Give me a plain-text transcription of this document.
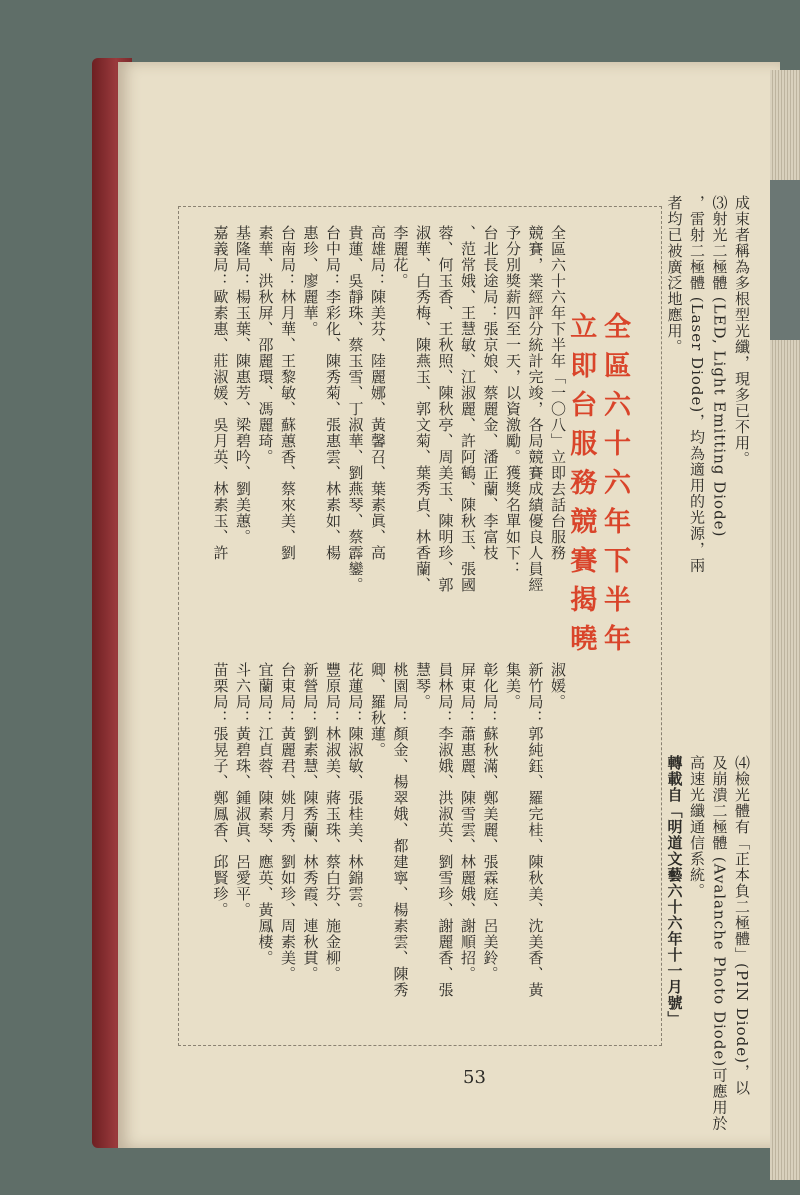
成束者稱為多根型光纖，現多已不用。
⑶射光二極體 (LED, Light Emitting Diode)
，雷射二極體 (Laser Diode)，均為適用的光源，兩
者均已被廣泛地應用。
⑷檢光體有「正本負二極體」(PIN Diode)，以
及崩潰二極體 (Avalanche Photo Diode)可應用於
高速光纖通信系統。
轉載自「明道文藝六十六年十一月號」
全區六十六年下半年
立即台服務競賽揭曉
全區六十六年下半年「一〇八」立即去話台服務
競賽，業經評分統計完竣，各局競賽成績優良人員經
予分別獎薪四至一天，以資激勵。獲獎名單如下：
台北長途局：張京娘、蔡麗金、潘正蘭、李富枝
、范常娥、王慧敏、江淑麗、許阿鶴、陳秋玉、張國
蓉、何玉香、王秋照、陳秋亭、周美玉、陳明珍、郭
淑華、白秀梅、陳燕玉、郭文菊、葉秀貞、林香蘭、
李麗花。
高雄局：陳美芬、陸麗娜、黃馨召、葉素眞、高
貴蓮、吳靜珠、蔡玉雪、丁淑華、劉燕琴、蔡霹鑾。
台中局：李彩化、陳秀菊、張惠雲、林素如、楊
惠珍、廖麗華。
台南局：林月華、王黎敏、蘇蕙香、蔡來美、劉
素華、洪秋屏、邵麗環、馮麗琦。
基隆局：楊玉葉、陳惠芳、梁碧吟、劉美蕙。
嘉義局：歐素惠、莊淑媛、吳月英、林素玉、許
淑媛。
新竹局：郭純鈺、羅完桂、陳秋美、沈美香、黃
集美。
彰化局：蘇秋滿、鄭美麗、張霖庭、呂美鈴。
屏東局：蕭惠麗、陳雪雲、林麗娥、謝順招。
員林局：李淑娥、洪淑英、劉雪珍、謝麗香、張
慧琴。
桃園局：顏金、楊翠娥、都建寧、楊素雲、陳秀
卿、羅秋蓮。
花蓮局：陳淑敏、張桂美、林錦雲。
豐原局：林淑美、蔣玉珠、蔡白芬、施金柳。
新營局：劉素慧、陳秀蘭、林秀霞、連秋貫。
台東局：黃麗君、姚月秀、劉如珍、周素美。
宜蘭局：江貞蓉、陳素琴、應英、黃鳳棲。
斗六局：黃碧珠、鍾淑眞、呂愛平。
苗栗局：張晃子、鄭鳳香、邱賢珍。
53
